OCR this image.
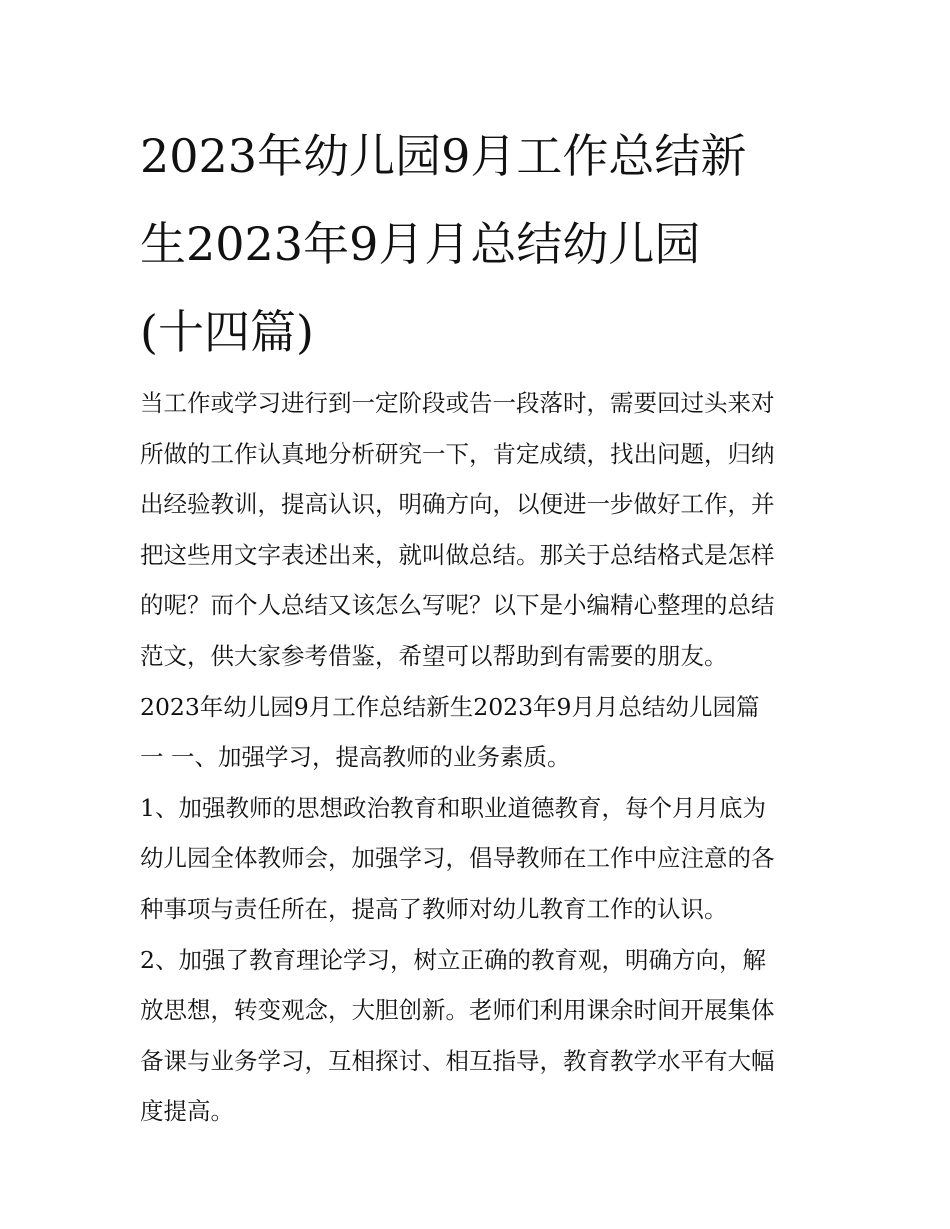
2023年幼儿园9月工作总结新
生2023年9月月总结幼儿园
(十四篇)
当工作或学习进行到一定阶段或告一段落时，需要回过头来对
所做的工作认真地分析研究一下，肯定成绩，找出问题，归纳
出经验教训，提高认识，明确方向，以便进一步做好工作，并
把这些用文字表述出来，就叫做总结。那关于总结格式是怎样
的呢？而个人总结又该怎么写呢？以下是小编精心整理的总结
范文，供大家参考借鉴，希望可以帮助到有需要的朋友。
2023年幼儿园9月工作总结新生2023年9月月总结幼儿园篇
一 一、加强学习，提高教师的业务素质。
1、加强教师的思想政治教育和职业道德教育，每个月月底为
幼儿园全体教师会，加强学习，倡导教师在工作中应注意的各
种事项与责任所在，提高了教师对幼儿教育工作的认识。
2、加强了教育理论学习，树立正确的教育观，明确方向，解
放思想，转变观念，大胆创新。老师们利用课余时间开展集体
备课与业务学习，互相探讨、相互指导，教育教学水平有大幅
度提高。
